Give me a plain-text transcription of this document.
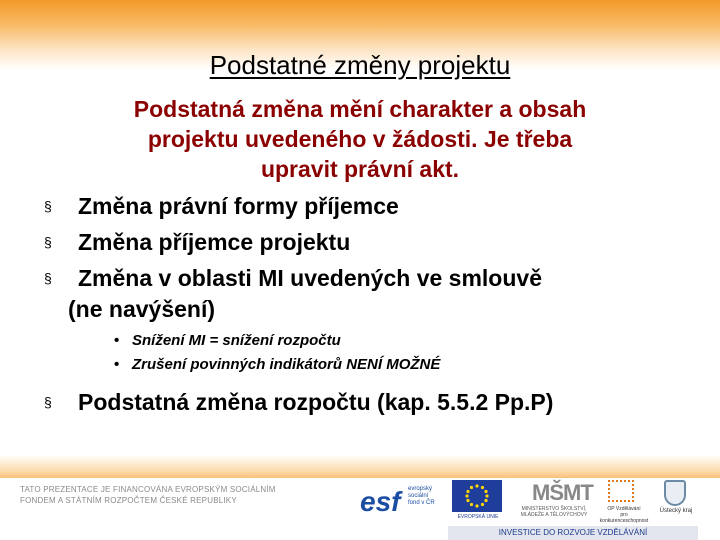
Podstatné změny projektu
Podstatná změna mění charakter a obsah
projektu uvedeného v žádosti. Je třeba
upravit právní akt.
§ Změna právní formy příjemce
§ Změna příjemce projektu
§ Změna v oblasti MI uvedených ve smlouvě
(ne navýšení)
• Snížení MI = snížení rozpočtu
• Zrušení povinných indikátorů NENÍ MOŽNÉ
§ Podstatná změna rozpočtu (kap. 5.5.2 Pp.P)
TATO PREZENTACE JE FINANCOVÁNA EVROPSKÝM SOCIÁLNÍM
FONDEM A STÁTNÍM ROZPOČTEM ČESKÉ REPUBLIKY	esf evropský
sociální
fond v ČR
EVROPSKÁ UNIE
MŠMT
MINISTERSTVO ŠKOLSTVÍ,
MLÁDEŽE A TĚLOVÝCHOVY
OP Vzdělávání
pro konkurenceschopnost
Ústecký kraj
INVESTICE DO ROZVOJE VZDĚLÁVÁNÍ
